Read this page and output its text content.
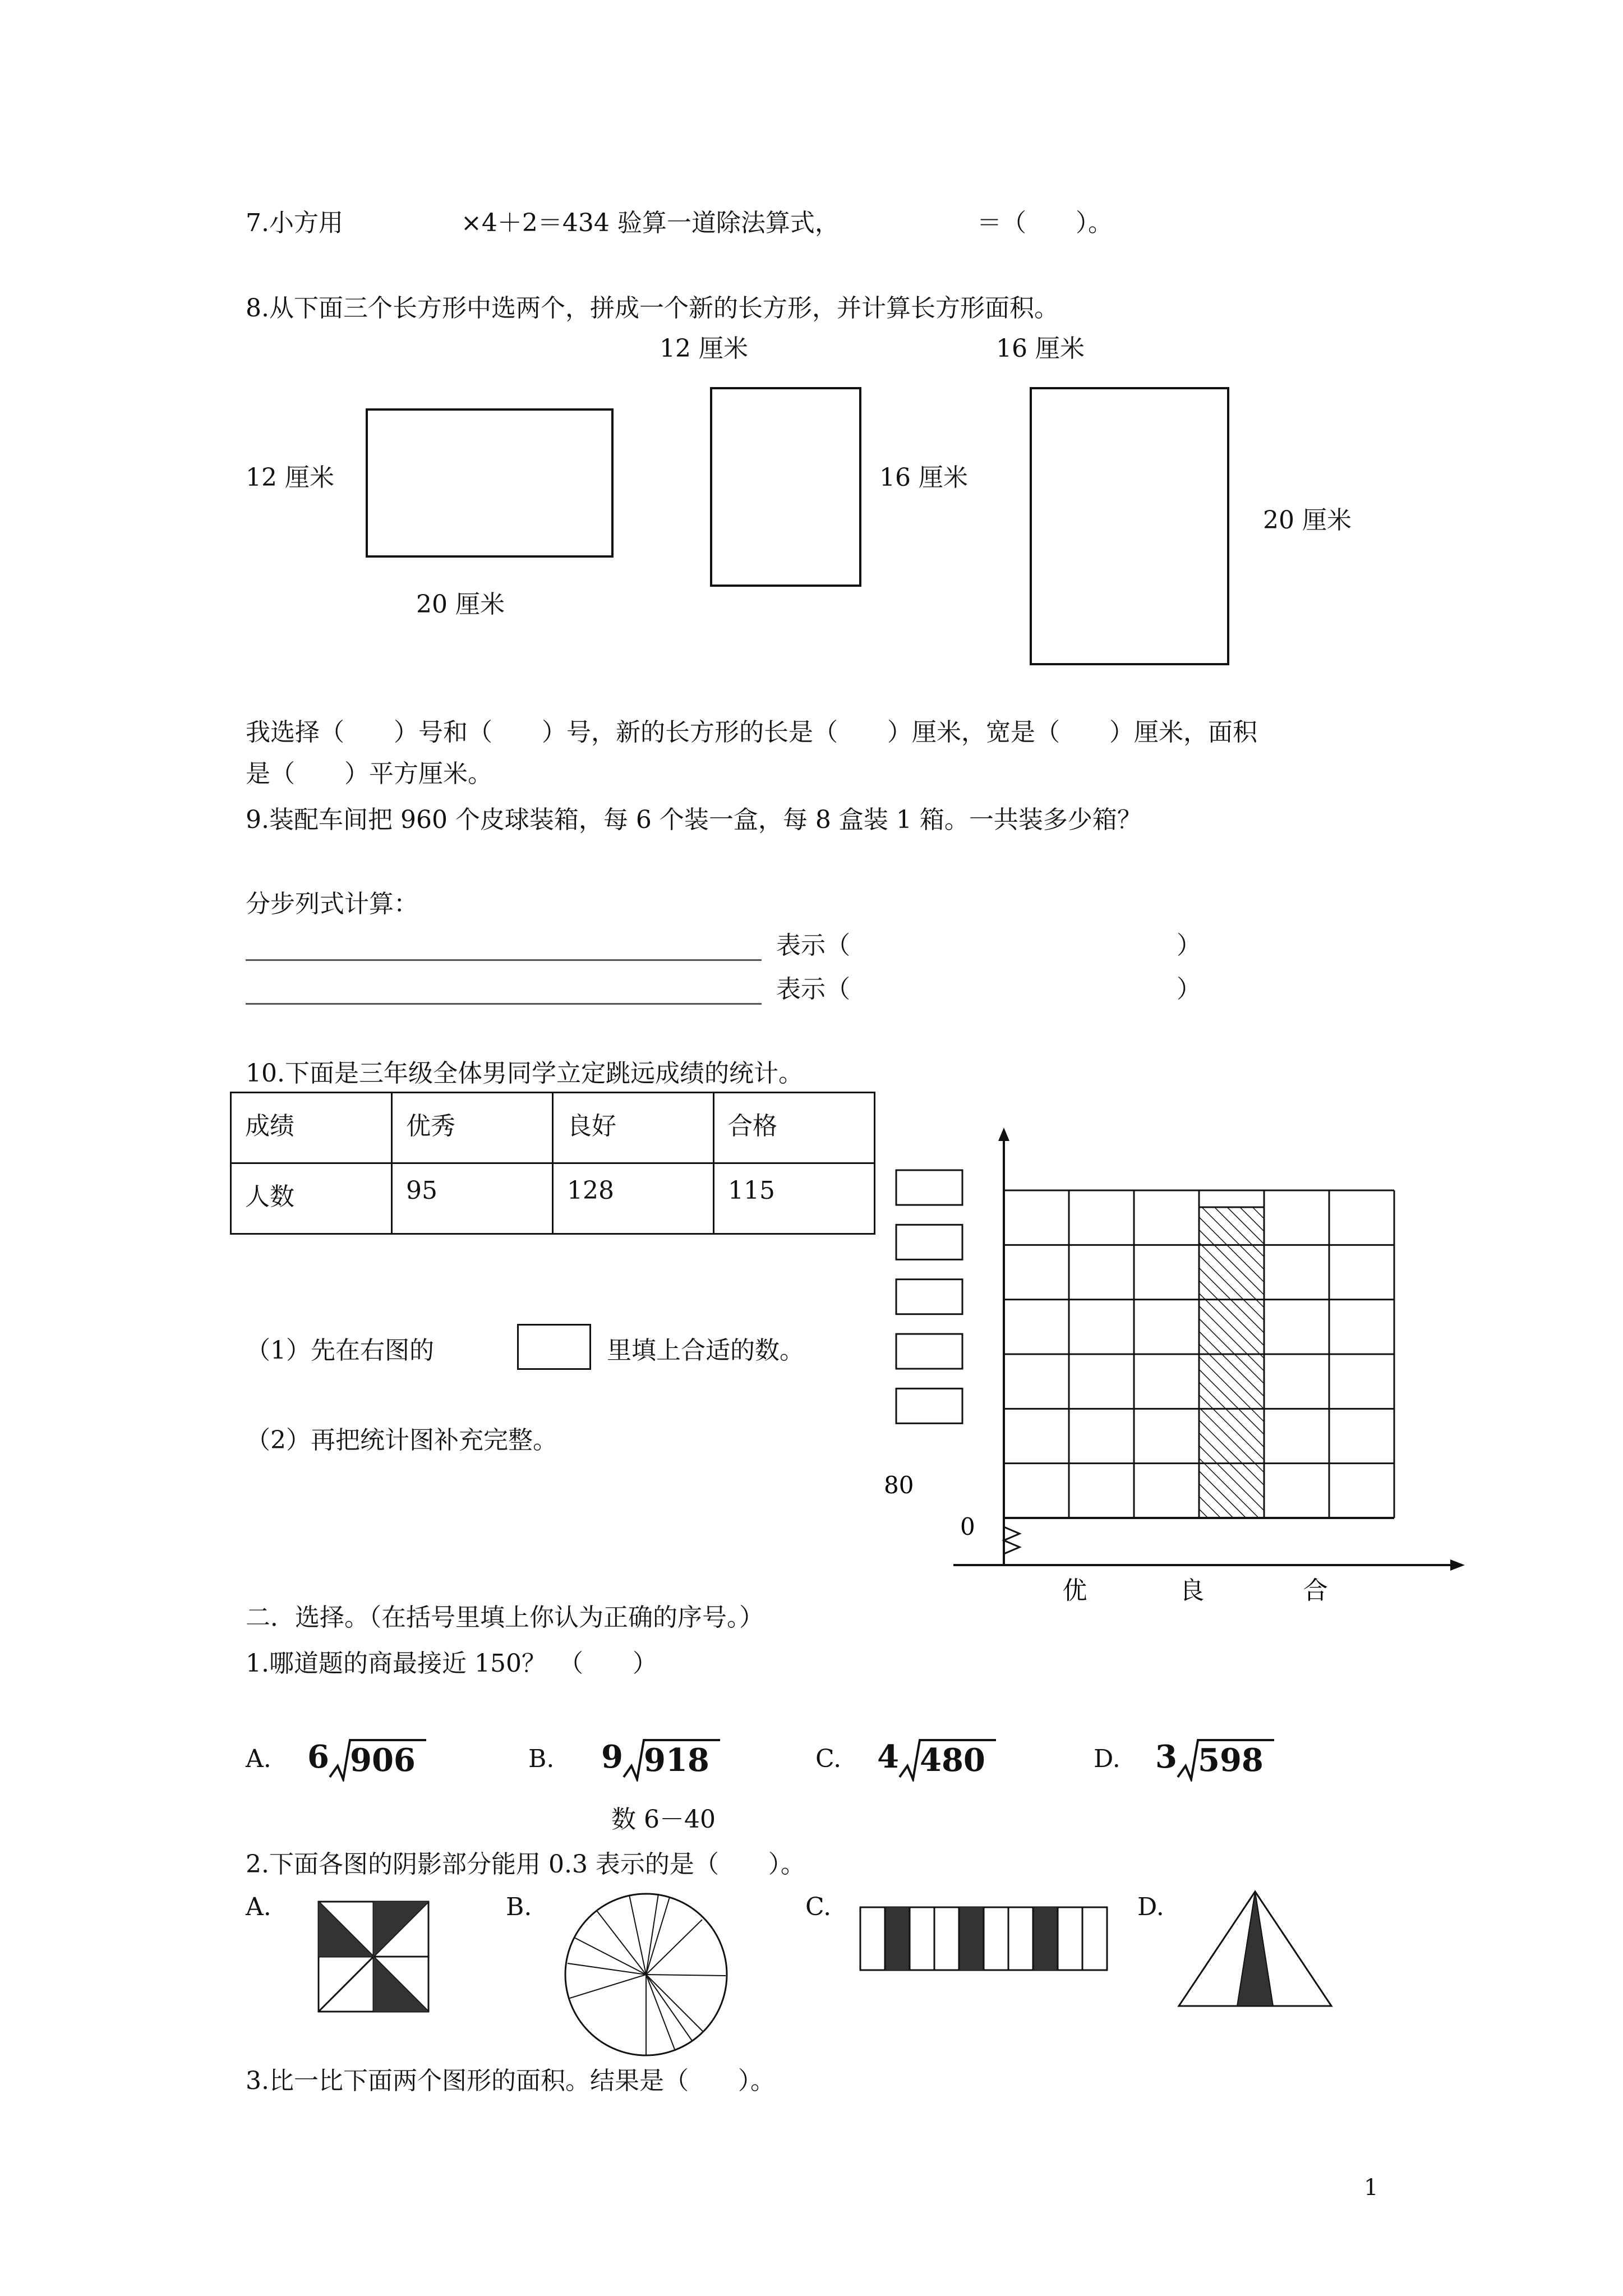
7.小方用	×4＋2＝434 验算一道除法算式，	＝（　　）。
8.从下面三个长方形中选两个，拼成一个新的长方形，并计算长方形面积。
12 厘米
20 厘米
12 厘米
16 厘米
16 厘米
20 厘米
我选择（　　）号和（　　）号，新的长方形的长是（　　）厘米，宽是（　　）厘米，面积
是（　　）平方厘米。
9.装配车间把 960 个皮球装箱，每 6 个装一盒，每 8 盒装 1 箱。一共装多少箱？
分步列式计算：
表示（	）
表示（	）
10.下面是三年级全体男同学立定跳远成绩的统计。
成绩	优秀	良好	合格
人数	95	128	115
（1）先在右图的	里填上合适的数。
（2）再把统计图补充完整。
80
0
优	良	合
二．选择。（在括号里填上你认为正确的序号。）
1.哪道题的商最接近 150？　（　　）
A. 6 906	B. 9 918	C. 4 480	D. 3 598
数 6－40
2.下面各图的阴影部分能用 0.3 表示的是（　　）。
A.	B.	C.	D.
3.比一比下面两个图形的面积。结果是（　　）。
1
